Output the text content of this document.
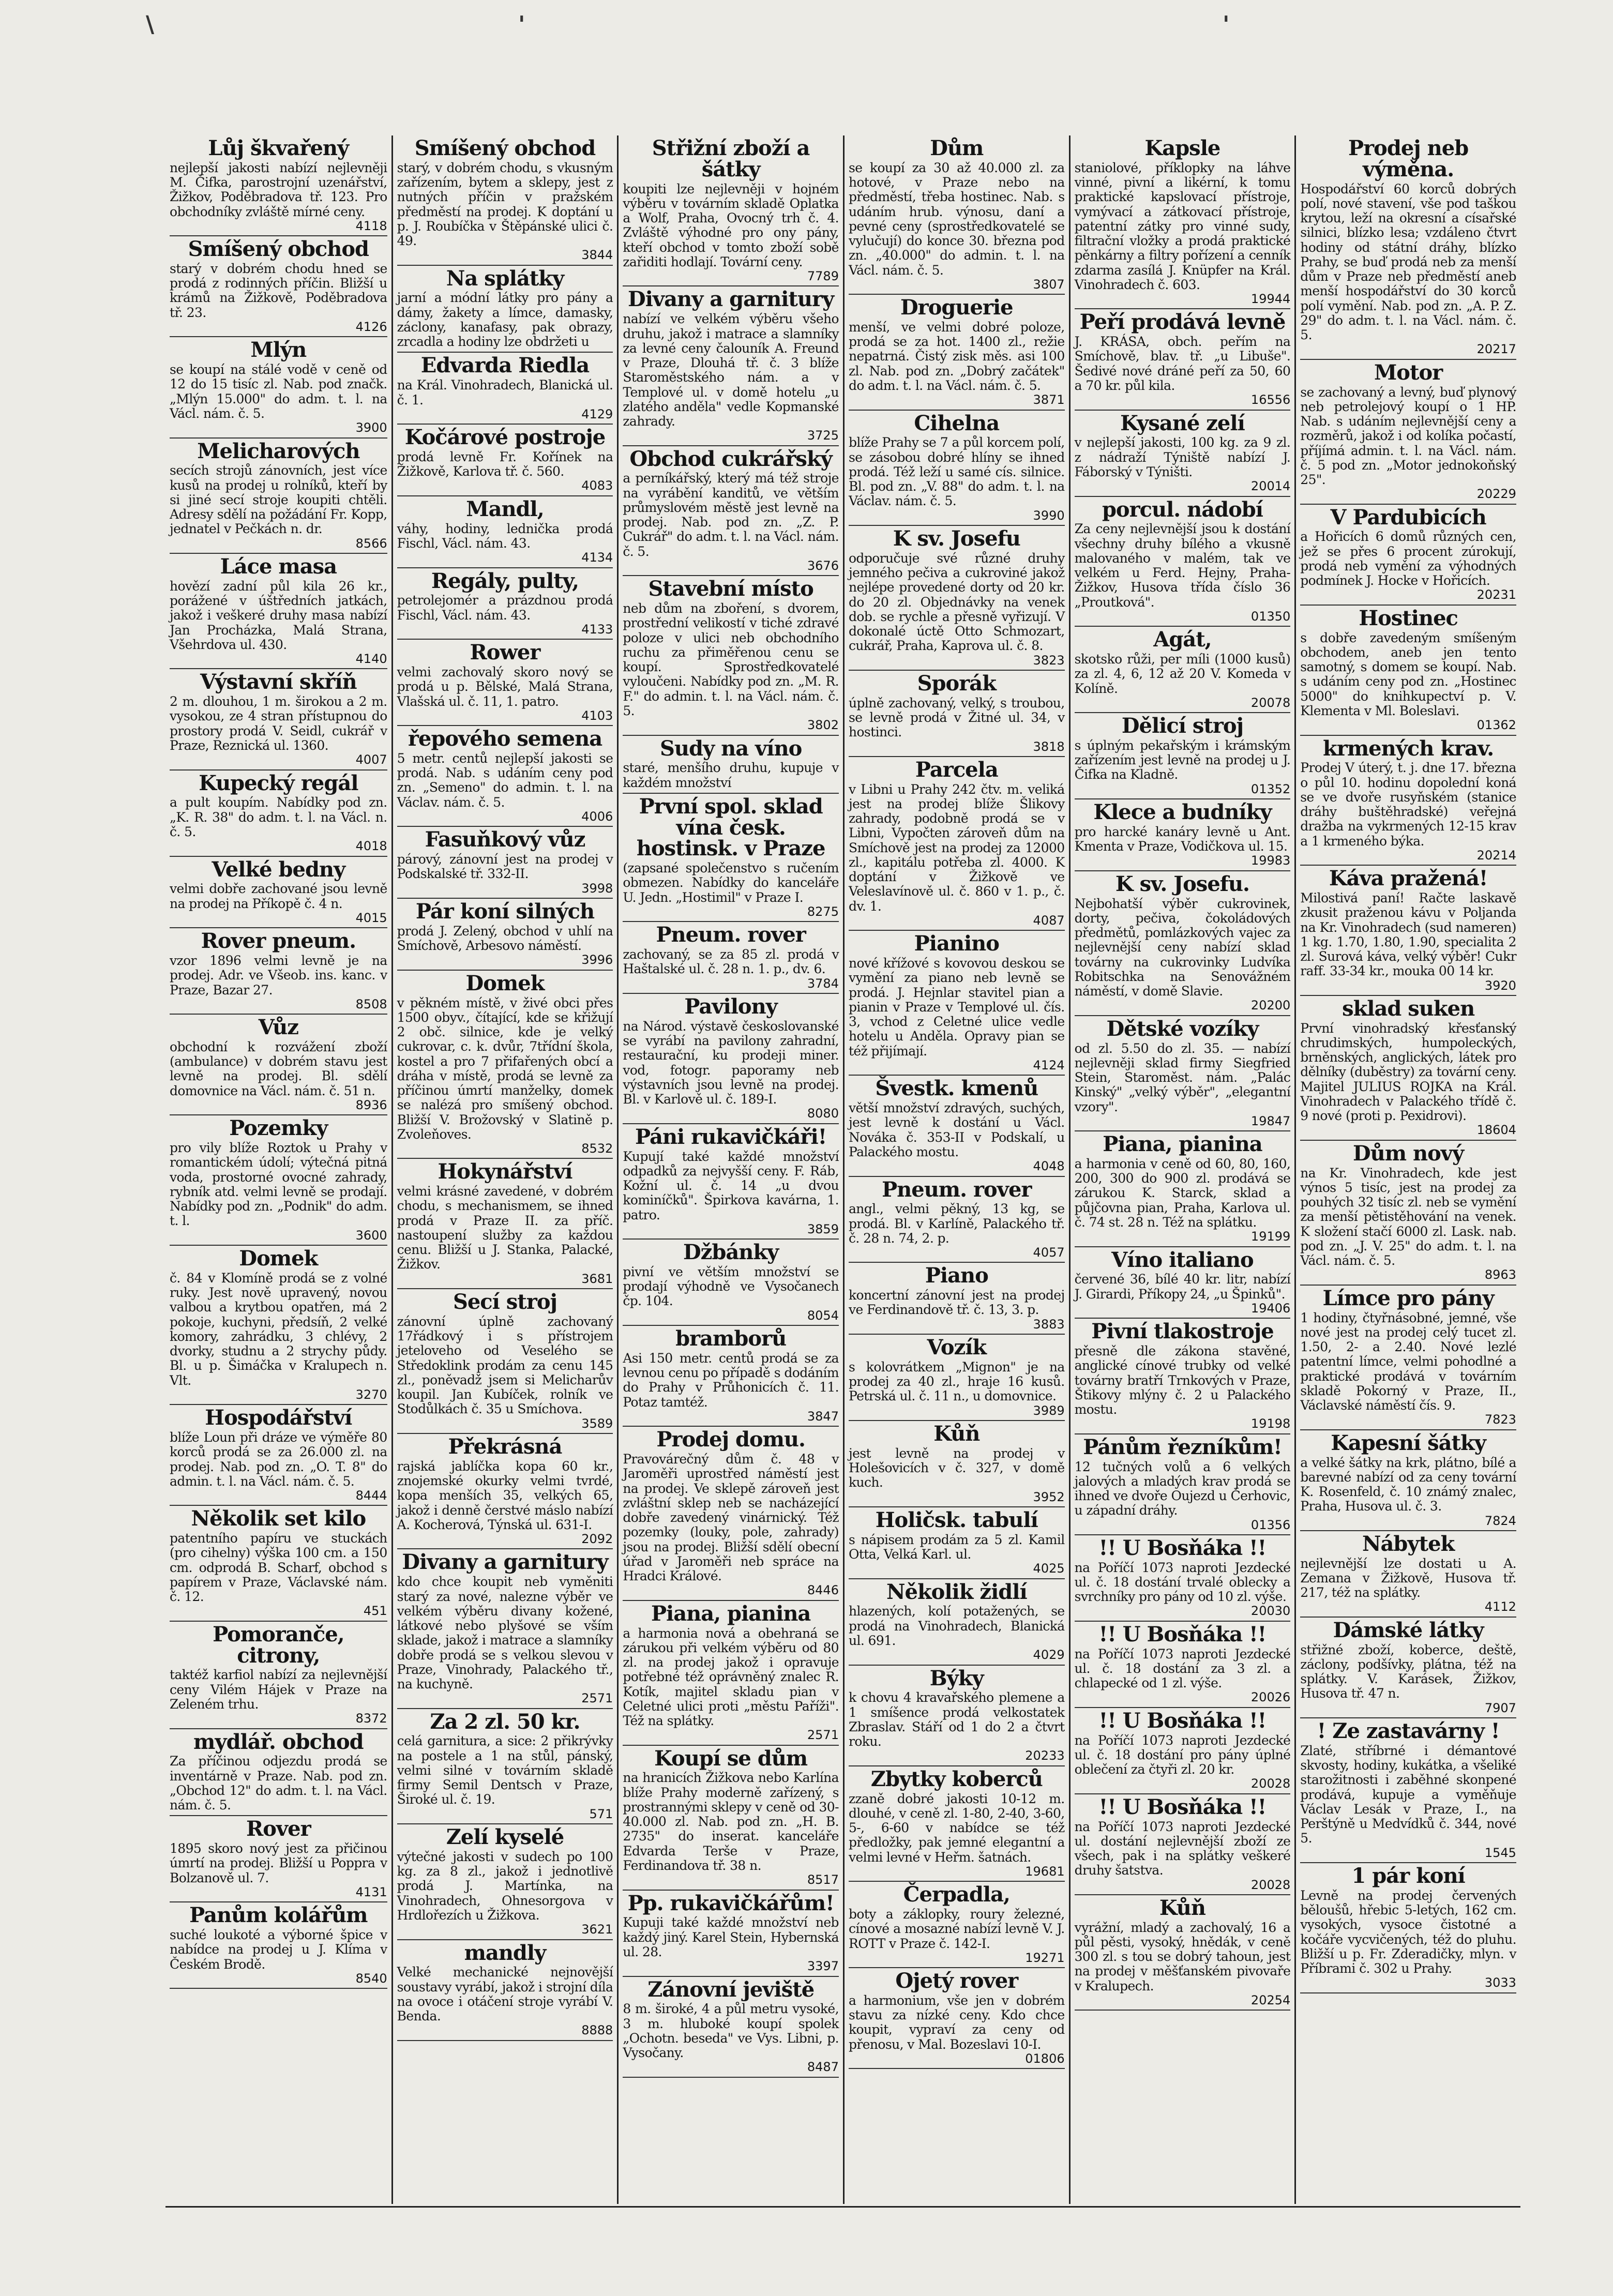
\	'	'
Lůj škvařený

nejlepší jakosti nabízí nejlevněji M. Čifka, parostrojní uzenářství, Žižkov, Poděbradova tř. 123. Pro obchodníky zvláště mírné ceny.

4118
Smíšený obchod

starý v dobrém chodu hned se prodá z rodinných příčin. Bližší u krámů na Žižkově, Poděbradova tř. 23.

4126
Mlýn

se koupí na stálé vodě v ceně od 12 do 15 tisíc zl. Nab. pod značk. „Mlýn 15.000" do adm. t. l. na Václ. nám. č. 5.

3900
Melicharových

secích strojů zánovních, jest více kusů na prodej u rolníků, kteří by si jiné secí stroje koupiti chtěli. Adresy sdělí na požádání Fr. Kopp, jednatel v Pečkách n. dr.

8566
Láce masa

hovězí zadní půl kila 26 kr., porážené v úštředních jatkách, jakož i veškeré druhy masa nabízí Jan Procházka, Malá Strana, Všehrdova ul. 430.

4140
Výstavní skříň

2 m. dlouhou, 1 m. širokou a 2 m. vysokou, ze 4 stran přístupnou do prostory prodá V. Seidl, cukrář v Praze, Reznická ul. 1360.

4007
Kupecký regál

a pult koupím. Nabídky pod zn. „K. R. 38" do adm. t. l. na Václ. n. č. 5.

4018
Velké bedny

velmi dobře zachované jsou levně na prodej na Příkopě č. 4 n.

4015
Rover pneum.

vzor 1896 velmi levně je na prodej. Adr. ve Všeob. ins. kanc. v Praze, Bazar 27.

8508
Vůz

obchodní k rozvážení zboží (ambulance) v dobrém stavu jest levně na prodej. Bl. sdělí domovnice na Václ. nám. č. 51 n.

8936
Pozemky

pro vily blíže Roztok u Prahy v romantickém údolí; výtečná pitná voda, prostorné ovocné zahrady, rybník atd. velmi levně se prodají. Nabídky pod zn. „Podnik" do adm. t. l.

3600
Domek

č. 84 v Klomíně prodá se z volné ruky. Jest nově upravený, novou valbou a krytbou opatřen, má 2 pokoje, kuchyni, předsíň, 2 velké komory, zahrádku, 3 chlévy, 2 dvorky, studnu a 2 strychy půdy. Bl. u p. Šimáčka v Kralupech n. Vlt.

3270
Hospodářství

blíže Loun při dráze ve výměře 80 korců prodá se za 26.000 zl. na prodej. Nab. pod zn. „O. T. 8" do admin. t. l. na Václ. nám. č. 5.

8444
Několik set kilo

patentního papíru ve stuckách (pro cihelny) výška 100 cm. a 150 cm. odprodá B. Scharf, obchod s papírem v Praze, Václavské nám. č. 12.

451
Pomoranče, citrony,

taktéž karfiol nabízí za nejlevnější ceny Vilém Hájek v Praze na Zeleném trhu.

8372
mydlář. obchod

Za příčinou odjezdu prodá se inventárně v Praze. Nab. pod zn. „Obchod 12" do adm. t. l. na Václ. nám. č. 5.

Rover

1895 skoro nový jest za přičinou úmrtí na prodej. Bližší u Poppra v Bolzanově ul. 7.

4131
Panům kolářům

suché loukoté a výborné špice v nabídce na prodej u J. Klíma v Českém Brodě.

8540
Smíšený obchod

starý, v dobrém chodu, s vkusným zařízením, bytem a sklepy, jest z nutných příčin v pražském předměstí na prodej. K doptání u p. J. Roubíčka v Štěpánské ulici č. 49.

3844
Na splátky

jarní a módní látky pro pány a dámy, žakety a límce, damasky, záclony, kanafasy, pak obrazy, zrcadla a hodiny lze obdržeti u

Edvarda Riedla

na Král. Vinohradech, Blanická ul. č. 1.

4129
Kočárové postroje

prodá levně Fr. Kořínek na Žižkově, Karlova tř. č. 560.

4083
Mandl,

váhy, hodiny, lednička prodá Fischl, Václ. nám. 43.

4134
Regály, pulty,

petrolejomér a prázdnou prodá Fischl, Václ. nám. 43.

4133
Rower

velmi zachovalý skoro nový se prodá u p. Bělské, Malá Strana, Vlašská ul. č. 11, 1. patro.

4103
řepového semena

5 metr. centů nejlepší jakosti se prodá. Nab. s udáním ceny pod zn. „Semeno" do admin. t. l. na Václav. nám. č. 5.

4006
Fasuňkový vůz

párový, zánovní jest na prodej v Podskalské tř. 332-II.

3998
Pár koní silných

prodá J. Zelený, obchod v uhlí na Smíchově, Arbesovo náměstí.

3996
Domek

v pěkném místě, v živé obci přes 1500 obyv., čítající, kde se křižují 2 obč. silnice, kde je velký cukrovar, c. k. dvůr, 7třídní škola, kostel a pro 7 přifařených obcí a dráha v místě, prodá se levně za příčinou úmrtí manželky, domek se nalézá pro smíšený obchod. Bližší V. Brožovský v Slatině p. Zvoleňoves.

8532
Hokynářství

velmi krásné zavedené, v dobrém chodu, s mechanismem, se ihned prodá v Praze II. za příč. nastoupení služby za každou cenu. Bližší u J. Stanka, Palacké, Žižkov.

3681
Secí stroj

zánovní úplně zachovaný 17řádkový i s přístrojem jeteloveho od Veselého se Středoklink prodám za cenu 145 zl., poněvadž jsem si Melicharův koupil. Jan Kubíček, rolník ve Stodůlkách č. 35 u Smíchova.

3589
Překrásná

rajská jablíčka kopa 60 kr., znojemské okurky velmi tvrdé, kopa menších 35, velkých 65, jakož i denně čerstvé máslo nabízí A. Kocherová, Týnská ul. 631-I.

2092
Divany a garnitury

kdo chce koupit neb vyměniti starý za nové, nalezne výběr ve velkém výběru divany kožené, látkové nebo plyšové se vším sklade, jakož i matrace a slamníky dobře prodá se s velkou slevou v Praze, Vinohrady, Palackého tř., na kuchyně.

2571
Za 2 zl. 50 kr.

celá garnitura, a sice: 2 přikrývky na postele a 1 na stůl, pánský, velmi silné v továrním skladě firmy Semil Dentsch v Praze, Široké ul. č. 19.

571
Zelí kyselé

výtečné jakosti v sudech po 100 kg. za 8 zl., jakož i jednotlivě prodá J. Martínka, na Vinohradech, Ohnesorgova v Hrdlořezích u Žižkova.

3621
mandly

Velké mechanické nejnovější soustavy vyrábí, jakož i strojní díla na ovoce i otáčení stroje vyrábí V. Benda.

8888
Střižní zboží a šátky

koupiti lze nejlevněji v hojném výběru v továrním skladě Oplatka a Wolf, Praha, Ovocný trh č. 4. Zvláště výhodné pro ony pány, kteří obchod v tomto zboží sobě zařiditi hodlají. Tovární ceny.

7789
Divany a garnitury

nabízí ve velkém výběru všeho druhu, jakož i matrace a slamníky za levné ceny čalouník A. Freund v Praze, Dlouhá tř. č. 3 blíže Staroměstského nám. a v Templové ul. v domě hotelu „u zlatého anděla" vedle Kopmanské zahrady.

3725
Obchod cukrářský

a perníkářský, který má též stroje na vyrábění kanditů, ve větším průmyslovém městě jest levně na prodej. Nab. pod zn. „Z. P. Cukrář" do adm. t. l. na Václ. nám. č. 5.

3676
Stavební místo

neb dům na zboření, s dvorem, prostřední velikostí v tiché zdravé poloze v ulici neb obchodního ruchu za přiměřenou cenu se koupí. Sprostředkovatelé vyloučeni. Nabídky pod zn. „M. R. F." do admin. t. l. na Václ. nám. č. 5.

3802
Sudy na víno

staré, menšího druhu, kupuje v každém množství

První spol. sklad vína česk. hostinsk. v Praze

(zapsané společenstvo s ručením obmezen. Nabídky do kanceláře U. Jedn. „Hostimil" v Praze I.

8275
Pneum. rover

zachovaný, se za 85 zl. prodá v Haštalské ul. č. 28 n. 1. p., dv. 6.

3784
Pavilony

na Národ. výstavě českoslovanské se vyrábí na pavilony zahradní, restaurační, ku prodeji miner. vod, fotogr. paporamy neb výstavních jsou levně na prodej. Bl. v Karlově ul. č. 189-I.

8080
Páni rukavičkáři!

Kupují také každé množství odpadků za nejvyšší ceny. F. Ráb, Kožní ul. č. 14 „u dvou kominíčků". Špirkova kavárna, 1. patro.

3859
Džbánky

pivní ve větším množství se prodají výhodně ve Vysočanech čp. 104.

8054
bramborů

Asi 150 metr. centů prodá se za levnou cenu po případě s dodáním do Prahy v Průhonicích č. 11. Potaz tamtéž.

3847
Prodej domu.

Pravovárečný dům č. 48 v Jaroměři uprostřed náměstí jest na prodej. Ve sklepě zároveň jest zvláštní sklep neb se nacházející dobře zavedený vinárnický. Též pozemky (louky, pole, zahrady) jsou na prodej. Bližší sdělí obecní úřad v Jaroměři neb spráce na Hradci Králové.

8446
Piana, pianina

a harmonia nová a obehraná se zárukou při velkém výběru od 80 zl. na prodej jakož i opravuje potřebné též oprávněný znalec R. Kotík, majitel skladu pian v Celetné ulici proti „městu Paříži". Též na splátky.

2571
Koupí se dům

na hranicích Žižkova nebo Karlína blíže Prahy moderně zařízený, s prostrannými sklepy v ceně od 30-40.000 zl. Nab. pod zn. „H. B. 2735" do inserat. kanceláře Edvarda Terše v Praze, Ferdinandova tř. 38 n.

8517
Pp. rukavičkářům!

Kupuji také každé množství neb každý jiný. Karel Stein, Hybernská ul. 28.

3397
Zánovní jeviště

8 m. široké, 4 a půl metru vysoké, 3 m. hluboké koupí spolek „Ochotn. beseda" ve Vys. Libni, p. Vysočany.

8487
Dům

se koupí za 30 až 40.000 zl. za hotové, v Praze nebo na předměstí, třeba hostinec. Nab. s udáním hrub. výnosu, daní a pevné ceny (sprostředkovatelé se vylučují) do konce 30. března pod zn. „40.000" do admin. t. l. na Václ. nám. č. 5.

3807
Droguerie

menší, ve velmi dobré poloze, prodá se za hot. 1400 zl., režie nepatrná. Čistý zisk měs. asi 100 zl. Nab. pod zn. „Dobrý začátek" do adm. t. l. na Václ. nám. č. 5.

3871
Cihelna

blíže Prahy se 7 a půl korcem polí, se zásobou dobré hlíny se ihned prodá. Též leží u samé cís. silnice. Bl. pod zn. „V. 88" do adm. t. l. na Václav. nám. č. 5.

3990
K sv. Josefu

odporučuje své různé druhy jemného pečiva a cukroviné jakož nejlépe provedené dorty od 20 kr. do 20 zl. Objednávky na venek dob. se rychle a přesně vyřizují. V dokonalé úctě Otto Schmozart, cukrář, Praha, Kaprova ul. č. 8.

3823
Sporák

úplně zachovaný, velký, s troubou, se levně prodá v Žitné ul. 34, v hostinci.

3818
Parcela

v Libni u Prahy 242 čtv. m. veliká jest na prodej blíže Šlikovy zahrady, podobně prodá se v Libni, Vypočten zároveň dům na Smíchově jest na prodej za 12000 zl., kapitálu potřeba zl. 4000. K doptání v Žižkově ve Veleslavínově ul. č. 860 v 1. p., č. dv. 1.

4087
Pianino

nové křížové s kovovou deskou se vymění za piano neb levně se prodá. J. Hejnlar stavitel pian a pianin v Praze v Templové ul. čís. 3, vchod z Celetné ulice vedle hotelu u Anděla. Opravy pian se též přijímají.

4124
Švestk. kmenů

větší množství zdravých, suchých, jest levně k dostání u Václ. Nováka č. 353-II v Podskalí, u Palackého mostu.

4048
Pneum. rover

angl., velmi pěkný, 13 kg, se prodá. Bl. v Karlíně, Palackého tř. č. 28 n. 74, 2. p.

4057
Piano

koncertní zánovní jest na prodej ve Ferdinandově tř. č. 13, 3. p.

3883
Vozík

s kolovrátkem „Mignon" je na prodej za 40 zl., hraje 16 kusů. Petrská ul. č. 11 n., u domovnice.

3989
Kůň

jest levně na prodej v Holešovicích v č. 327, v domě kuch.

3952
Holičsk. tabulí

s nápisem prodám za 5 zl. Kamil Otta, Velká Karl. ul.

4025
Několik židlí

hlazených, kolí potažených, se prodá na Vinohradech, Blanická ul. 691.

4029
Býky

k chovu 4 kravařského plemene a 1 smíšence prodá velkostatek Zbraslav. Stáří od 1 do 2 a čtvrt roku.

20233
Zbytky koberců

zzaně dobré jakosti 10-12 m. dlouhé, v ceně zl. 1-80, 2-40, 3-60, 5-, 6-60 v nabídce se též předložky, pak jemné elegantní a velmi levné v Heřm. šatnách.

19681
Čerpadla,

boty a záklopky, roury železné, cínové a mosazné nabízí levně V. J. ROTT v Praze č. 142-I.

19271
Ojetý rover

a harmonium, vše jen v dobrém stavu za nízké ceny. Kdo chce koupit, vypraví za ceny od přenosu, v Mal. Bozeslavi 10-I.

01806
Kapsle

staniolové, příklopky na láhve vinné, pivní a likérní, k tomu praktické kapslovací přístroje, vymývací a zátkovací přístroje, patentní zátky pro vinné sudy, filtrační vložky a prodá praktické pěnkárny a filtry pořízení a cenník zdarma zasílá J. Knüpfer na Král. Vinohradech č. 603.

19944
Peří prodává levně

J. KRÁSA, obch. peřím na Smíchově, blav. tř. „u Libuše". Šedivé nové dráné peří za 50, 60 a 70 kr. půl kila.

16556
Kysané zelí

v nejlepší jakosti, 100 kg. za 9 zl. z nádraží Týniště nabízí J. Fáborský v Týništi.

20014
porcul. nádobí

Za ceny nejlevnější jsou k dostání všechny druhy bílého a vkusně malovaného v malém, tak ve velkém u Ferd. Hejny, Praha-Žižkov, Husova třída číslo 36 „Proutková".

01350
Agát,

skotsko růži, per míli (1000 kusů) za zl. 4, 6, 12 až 20 V. Komeda v Kolíně.

20078
Dělicí stroj

s úplným pekařským i krámským zařízením jest levně na prodej u J. Čifka na Kladně.

01352
Klece a budníky

pro harcké kanáry levně u Ant. Kmenta v Praze, Vodičkova ul. 15.

19983
K sv. Josefu.

Nejbohatší výběr cukrovinek, dorty, pečiva, čokoládových předmětů, pomlázkových vajec za nejlevnější ceny nabízí sklad továrny na cukrovinky Ludvíka Robitschka na Senovážném náměstí, v domě Slavie.

20200
Dětské vozíky

od zl. 5.50 do zl. 35. — nabízí nejlevněji sklad firmy Siegfried Stein, Staroměst. nám. „Palác Kinský" „velký výběr", „elegantní vzory".

19847
Piana, pianina

a harmonia v ceně od 60, 80, 160, 200, 300 do 900 zl. prodává se zárukou K. Starck, sklad a půjčovna pian, Praha, Karlova ul. č. 74 st. 28 n. Též na splátku.

19199
Víno italiano

červené 36, bílé 40 kr. litr, nabízí J. Girardi, Příkopy 24, „u Špinků".

19406
Pivní tlakostroje

přesně dle zákona stavěné, anglické cínové trubky od velké továrny bratří Trnkových v Praze, Štikovy mlýny č. 2 u Palackého mostu.

19198
Pánům řezníkům!

12 tučných volů a 6 velkých jalových a mladých krav prodá se ihned ve dvoře Oujezd u Čerhovic, u západní dráhy.

01356
!! U Bosňáka !!

na Poříčí 1073 naproti Jezdecké ul. č. 18 dostání trvalé oblecky a svrchníky pro pány od 10 zl. výše.

20030
!! U Bosňáka !!

na Poříčí 1073 naproti Jezdecké ul. č. 18 dostání za 3 zl. a chlapecké od 1 zl. výše.

20026
!! U Bosňáka !!

na Poříčí 1073 naproti Jezdecké ul. č. 18 dostání pro pány úplné oblečení za čtyři zl. 20 kr.

20028
!! U Bosňáka !!

na Poříčí 1073 naproti Jezdecké ul. dostání nejlevnější zboží ze všech, pak i na splátky veškeré druhy šatstva.

20028
Kůň

vyrážní, mladý a zachovalý, 16 a půl pěsti, vysoký, hnědák, v ceně 300 zl. s tou se dobrý tahoun, jest na prodej v měšťanském pivovaře v Kralupech.

20254
Prodej neb výměna.

Hospodářství 60 korců dobrých polí, nové stavení, vše pod taškou krytou, leží na okresní a císařské silnici, blízko lesa; vzdáleno čtvrt hodiny od státní dráhy, blízko Prahy, se buď prodá neb za menší dům v Praze neb předměstí aneb menší hospodářství do 30 korců polí vymění. Nab. pod zn. „A. P. Z. 29" do adm. t. l. na Václ. nám. č. 5.

20217
Motor

se zachovaný a levný, buď plynový neb petrolejový koupí o 1 HP. Nab. s udáním nejlevnější ceny a rozměrů, jakož i od kolíka počastí, příjímá admin. t. l. na Václ. nám. č. 5 pod zn. „Motor jednokoňský 25".

20229
V Pardubicích

a Hořicích 6 domů různých cen, jež se přes 6 procent zúrokují, prodá neb vymění za výhodných podmínek J. Hocke v Hořicích.

20231
Hostinec

s dobře zavedeným smíšeným obchodem, aneb jen tento samotný, s domem se koupí. Nab. s udáním ceny pod zn. „Hostinec 5000" do knihkupectví p. V. Klementa v Ml. Boleslavi.

01362
krmených krav.

Prodej V úterý, t. j. dne 17. března o půl 10. hodinu dopolední koná se ve dvoře rusyňském (stanice dráhy buštěhradské) veřejná dražba na vykrmených 12-15 krav a 1 krmeného býka.

20214
Káva pražená!

Milostivá paní! Račte laskavě zkusit praženou kávu v Poljanda na Kr. Vinohradech (sud nameren) 1 kg. 1.70, 1.80, 1.90, specialita 2 zl. Surová káva, velký výběr! Cukr raff. 33-34 kr., mouka 00 14 kr.

3920
sklad suken

První vinohradský křesťanský chrudimských, humpoleckých, brněnských, anglických, látek pro dělníky (duběstry) za tovární ceny. Majitel JULIUS ROJKA na Král. Vinohradech v Palackého třídě č. 9 nové (proti p. Pexidrovi).

18604
Dům nový

na Kr. Vinohradech, kde jest výnos 5 tisíc, jest na prodej za pouhých 32 tisíc zl. neb se vymění za menší pětistěhování na venek. K složení stačí 6000 zl. Lask. nab. pod zn. „J. V. 25" do adm. t. l. na Václ. nám. č. 5.

8963
Límce pro pány

1 hodiny, čtyřnásobné, jemné, vše nové jest na prodej celý tucet zl. 1.50, 2- a 2.40. Nové lezlé patentní límce, velmi pohodlné a praktické prodává v továrním skladě Pokorný v Praze, II., Václavské náměstí čís. 9.

7823
Kapesní šátky

a velké šátky na krk, plátno, bílé a barevné nabízí od za ceny tovární K. Rosenfeld, č. 10 známý znalec, Praha, Husova ul. č. 3.

7824
Nábytek

nejlevnější lze dostati u A. Zemana v Žižkově, Husova tř. 217, též na splátky.

4112
Dámské látky

střižné zboží, koberce, deště, záclony, podšívky, plátna, též na splátky. V. Karásek, Žižkov, Husova tř. 47 n.

7907
! Ze zastavárny !

Zlaté, stříbrné i démantové skvosty, hodiny, kukátka, a všeliké starožitnosti i zaběhné skonpené prodává, kupuje a vyměňuje Václav Lesák v Praze, I., na Perštýně u Medvídků č. 344, nové 5.

1545
1 pár koní

Levně na prodej červených běloušů, hřebic 5-letých, 162 cm. vysokých, vysoce čistotné a kočáře vycvičených, též do pluhu. Bližší u p. Fr. Zderadičky, mlyn. v Příbrami č. 302 u Prahy.

3033
